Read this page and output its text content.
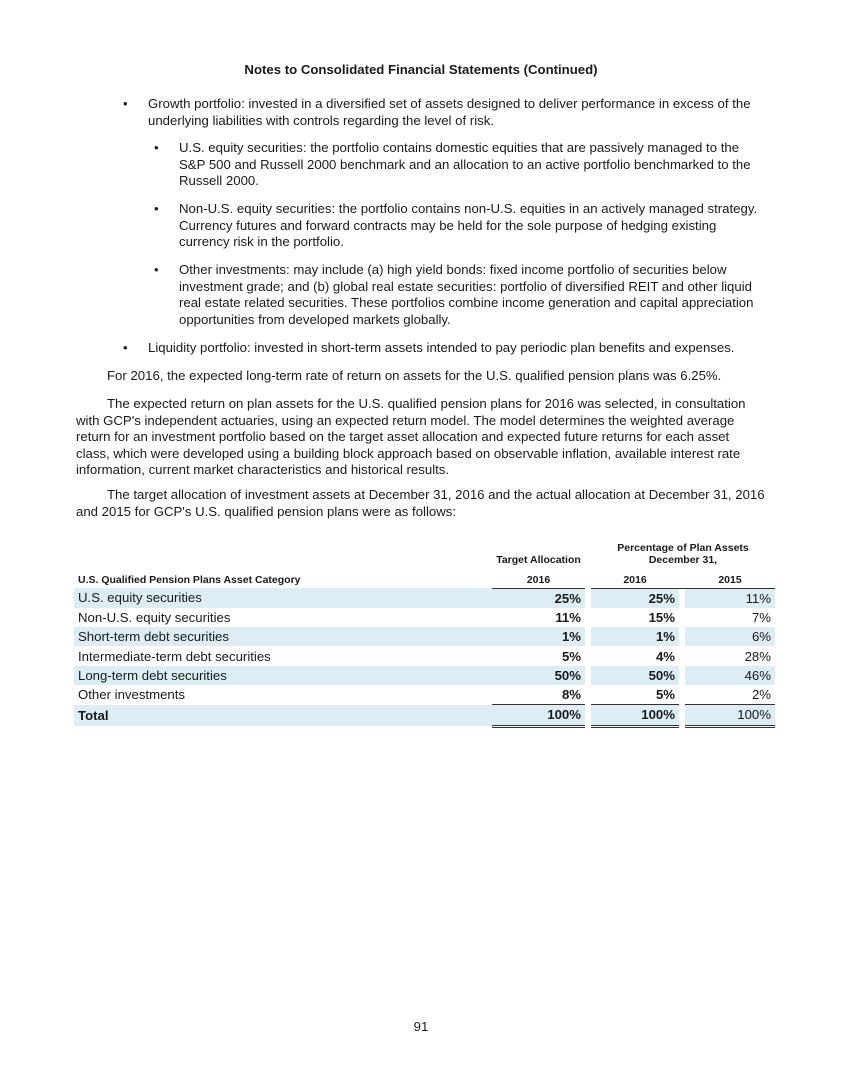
Notes to Consolidated Financial Statements (Continued)
• Growth portfolio: invested in a diversified set of assets designed to deliver performance in excess of the underlying liabilities with controls regarding the level of risk.
• U.S. equity securities: the portfolio contains domestic equities that are passively managed to the S&P 500 and Russell 2000 benchmark and an allocation to an active portfolio benchmarked to the Russell 2000.
• Non-U.S. equity securities: the portfolio contains non-U.S. equities in an actively managed strategy. Currency futures and forward contracts may be held for the sole purpose of hedging existing currency risk in the portfolio.
• Other investments: may include (a) high yield bonds: fixed income portfolio of securities below investment grade; and (b) global real estate securities: portfolio of diversified REIT and other liquid real estate related securities. These portfolios combine income generation and capital appreciation opportunities from developed markets globally.
• Liquidity portfolio: invested in short-term assets intended to pay periodic plan benefits and expenses.

For 2016, the expected long-term rate of return on assets for the U.S. qualified pension plans was 6.25%.

The expected return on plan assets for the U.S. qualified pension plans for 2016 was selected, in consultation with GCP's independent actuaries, using an expected return model. The model determines the weighted average return for an investment portfolio based on the target asset allocation and expected future returns for each asset class, which were developed using a building block approach based on observable inflation, available interest rate information, current market characteristics and historical results.

The target allocation of investment assets at December 31, 2016 and the actual allocation at December 31, 2016 and 2015 for GCP's U.S. qualified pension plans were as follows:

	Target Allocation		Percentage of Plan Assets December 31,		
U.S. Qualified Pension Plans Asset Category	2016		2016		2015
U.S. equity securities	25%		25%		11%
Non-U.S. equity securities	11%		15%		7%
Short-term debt securities	1%		1%		6%
Intermediate-term debt securities	5%		4%		28%
Long-term debt securities	50%		50%		46%
Other investments	8%		5%		2%
Total	100%		100%		100%
91
